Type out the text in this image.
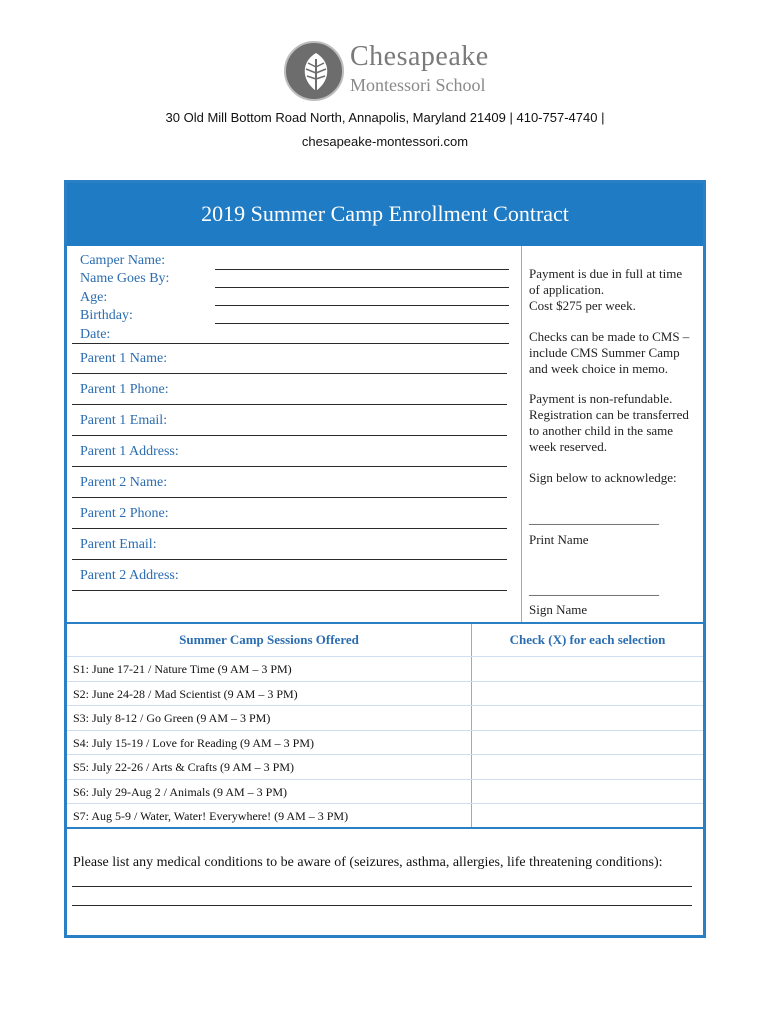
Chesapeake
Montessori School
30 Old Mill Bottom Road North, Annapolis, Maryland 21409 | 410-757-4740 |
chesapeake-montessori.com
2019 Summer Camp Enrollment Contract
Camper Name:
Name Goes By:
Age:
Birthday:
Date:
Parent 1 Name:
Parent 1 Phone:
Parent 1 Email:
Parent 1 Address:
Parent 2 Name:
Parent 2 Phone:
Parent Email:
Parent 2 Address:
Payment is due in full at time
of application.
Cost $275 per week.
Checks can be made to CMS –
include CMS Summer Camp
and week choice in memo.
Payment is non-refundable.
Registration can be transferred
to another child in the same
week reserved.
Sign below to acknowledge:
____________________
Print Name
____________________
Sign Name
Summer Camp Sessions Offered	Check (X) for each selection
S1: June 17-21 / Nature Time (9 AM – 3 PM)
S2: June 24-28 / Mad Scientist (9 AM – 3 PM)
S3: July 8-12 / Go Green (9 AM – 3 PM)
S4: July 15-19 / Love for Reading (9 AM – 3 PM)
S5: July 22-26 / Arts & Crafts (9 AM – 3 PM)
S6: July 29-Aug 2 / Animals (9 AM – 3 PM)
S7: Aug 5-9 / Water, Water! Everywhere! (9 AM – 3 PM)
Please list any medical conditions to be aware of (seizures, asthma, allergies, life threatening conditions):
